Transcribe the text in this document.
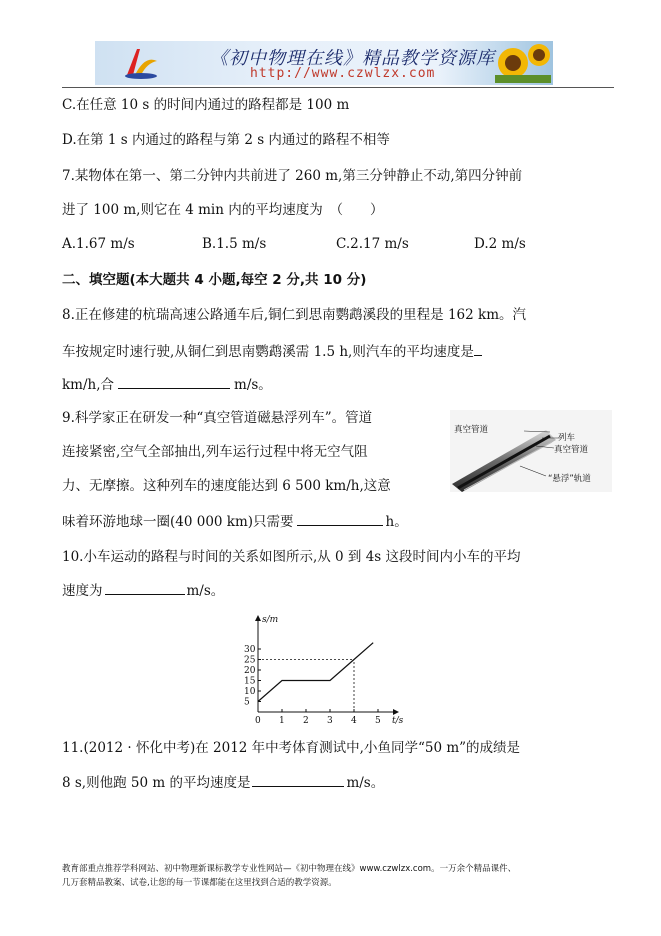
《初中物理在线》精品教学资源库
http://www.czwlzx.com
C.在任意 10 s 的时间内通过的路程都是 100 m
D.在第 1 s 内通过的路程与第 2 s 内通过的路程不相等
7.某物体在第一、第二分钟内共前进了 260 m,第三分钟静止不动,第四分钟前
进了 100 m,则它在 4 min 内的平均速度为　（　　）
A.1.67 m/s	B.1.5 m/s	C.2.17 m/s	D.2 m/s
二、填空题(本大题共 4 小题,每空 2 分,共 10 分)
8.正在修建的杭瑞高速公路通车后,铜仁到思南鹦鹉溪段的里程是 162 km。汽
车按规定时速行驶,从铜仁到思南鹦鹉溪需 1.5 h,则汽车的平均速度是
km/h,合	m/s。
9.科学家正在研发一种“真空管道磁悬浮列车”。管道
连接紧密,空气全部抽出,列车运行过程中将无空气阻
力、无摩擦。这种列车的速度能达到 6 500 km/h,这意
味着环游地球一圈(40 000 km)只需要	h。
真空管道
列车
真空管道
“悬浮”轨道
10.小车运动的路程与时间的关系如图所示,从 0 到 4s 这段时间内小车的平均
速度为	m/s。
0 1 2 3 4 5
5
10
15
20
25
30
t/s
s/m
11.(2012 · 怀化中考)在 2012 年中考体育测试中,小鱼同学“50 m”的成绩是
8 s,则他跑 50 m 的平均速度是	m/s。
教育部重点推荐学科网站、初中物理新课标教学专业性网站—《初中物理在线》www.czwlzx.com。一万余个精品课件、
几万套精品教案、试卷,让您的每一节课都能在这里找到合适的教学资源。
